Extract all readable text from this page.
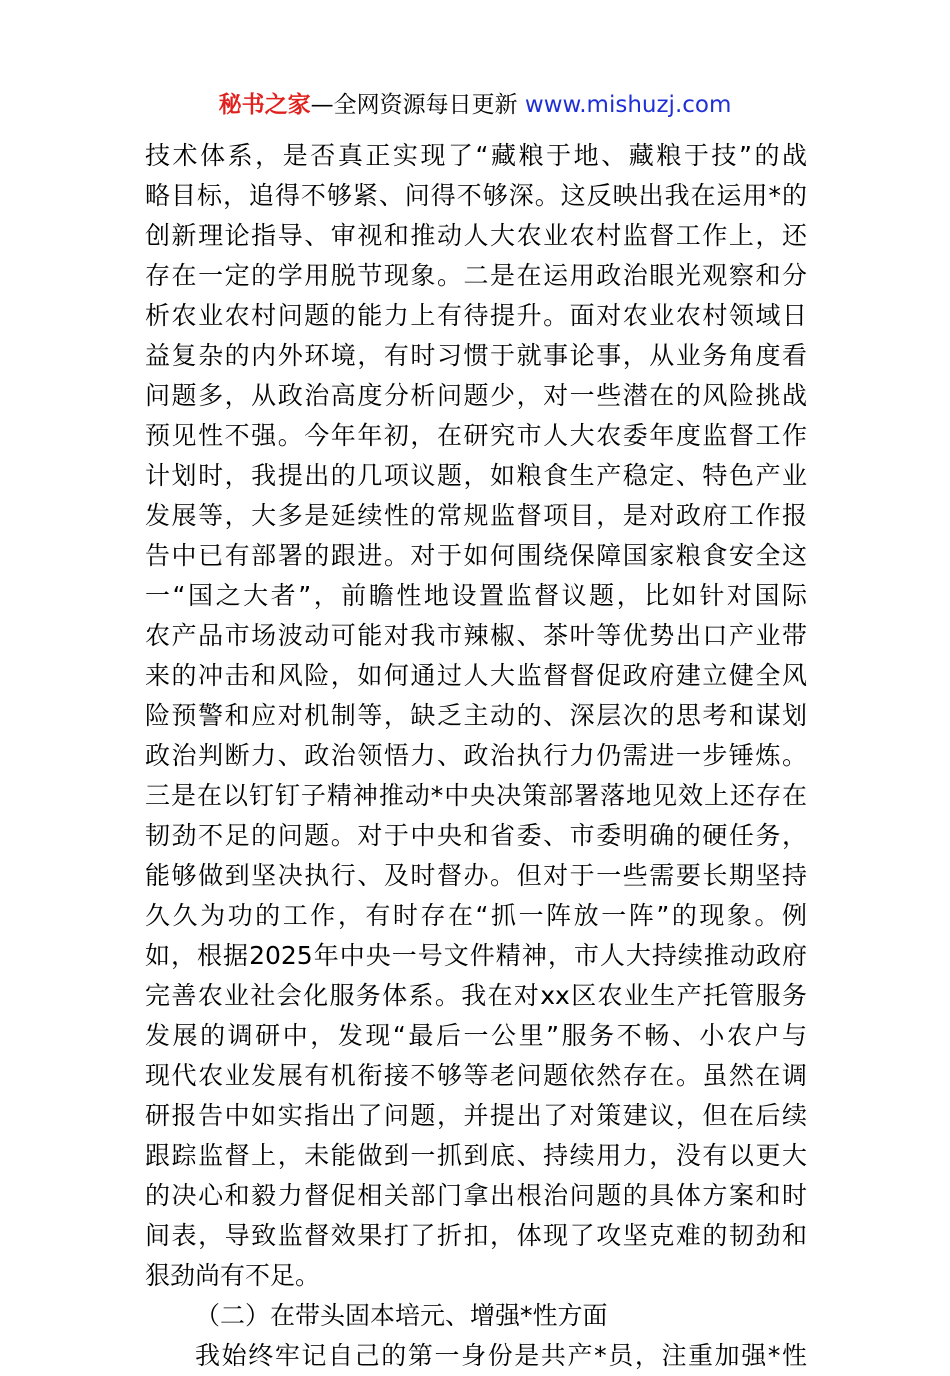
秘书之家—全网资源每日更新 www.mishuzj.com
技术体系，是否真正实现了“藏粮于地、藏粮于技”的战
略目标，追得不够紧、问得不够深。这反映出我在运用*的
创新理论指导、审视和推动人大农业农村监督工作上，还
存在一定的学用脱节现象。二是在运用政治眼光观察和分
析农业农村问题的能力上有待提升。面对农业农村领域日
益复杂的内外环境，有时习惯于就事论事，从业务角度看
问题多，从政治高度分析问题少，对一些潜在的风险挑战
预见性不强。今年年初，在研究市人大农委年度监督工作
计划时，我提出的几项议题，如粮食生产稳定、特色产业
发展等，大多是延续性的常规监督项目，是对政府工作报
告中已有部署的跟进。对于如何围绕保障国家粮食安全这
一“国之大者”，前瞻性地设置监督议题，比如针对国际
农产品市场波动可能对我市辣椒、茶叶等优势出口产业带
来的冲击和风险，如何通过人大监督督促政府建立健全风
险预警和应对机制等，缺乏主动的、深层次的思考和谋划
政治判断力、政治领悟力、政治执行力仍需进一步锤炼。
三是在以钉钉子精神推动*中央决策部署落地见效上还存在
韧劲不足的问题。对于中央和省委、市委明确的硬任务，
能够做到坚决执行、及时督办。但对于一些需要长期坚持
久久为功的工作，有时存在“抓一阵放一阵”的现象。例
如，根据2025年中央一号文件精神，市人大持续推动政府
完善农业社会化服务体系。我在对xx区农业生产托管服务
发展的调研中，发现“最后一公里”服务不畅、小农户与
现代农业发展有机衔接不够等老问题依然存在。虽然在调
研报告中如实指出了问题，并提出了对策建议，但在后续
跟踪监督上，未能做到一抓到底、持续用力，没有以更大
的决心和毅力督促相关部门拿出根治问题的具体方案和时
间表，导致监督效果打了折扣，体现了攻坚克难的韧劲和
狠劲尚有不足。
（二）在带头固本培元、增强*性方面
我始终牢记自己的第一身份是共产*员，注重加强*性
